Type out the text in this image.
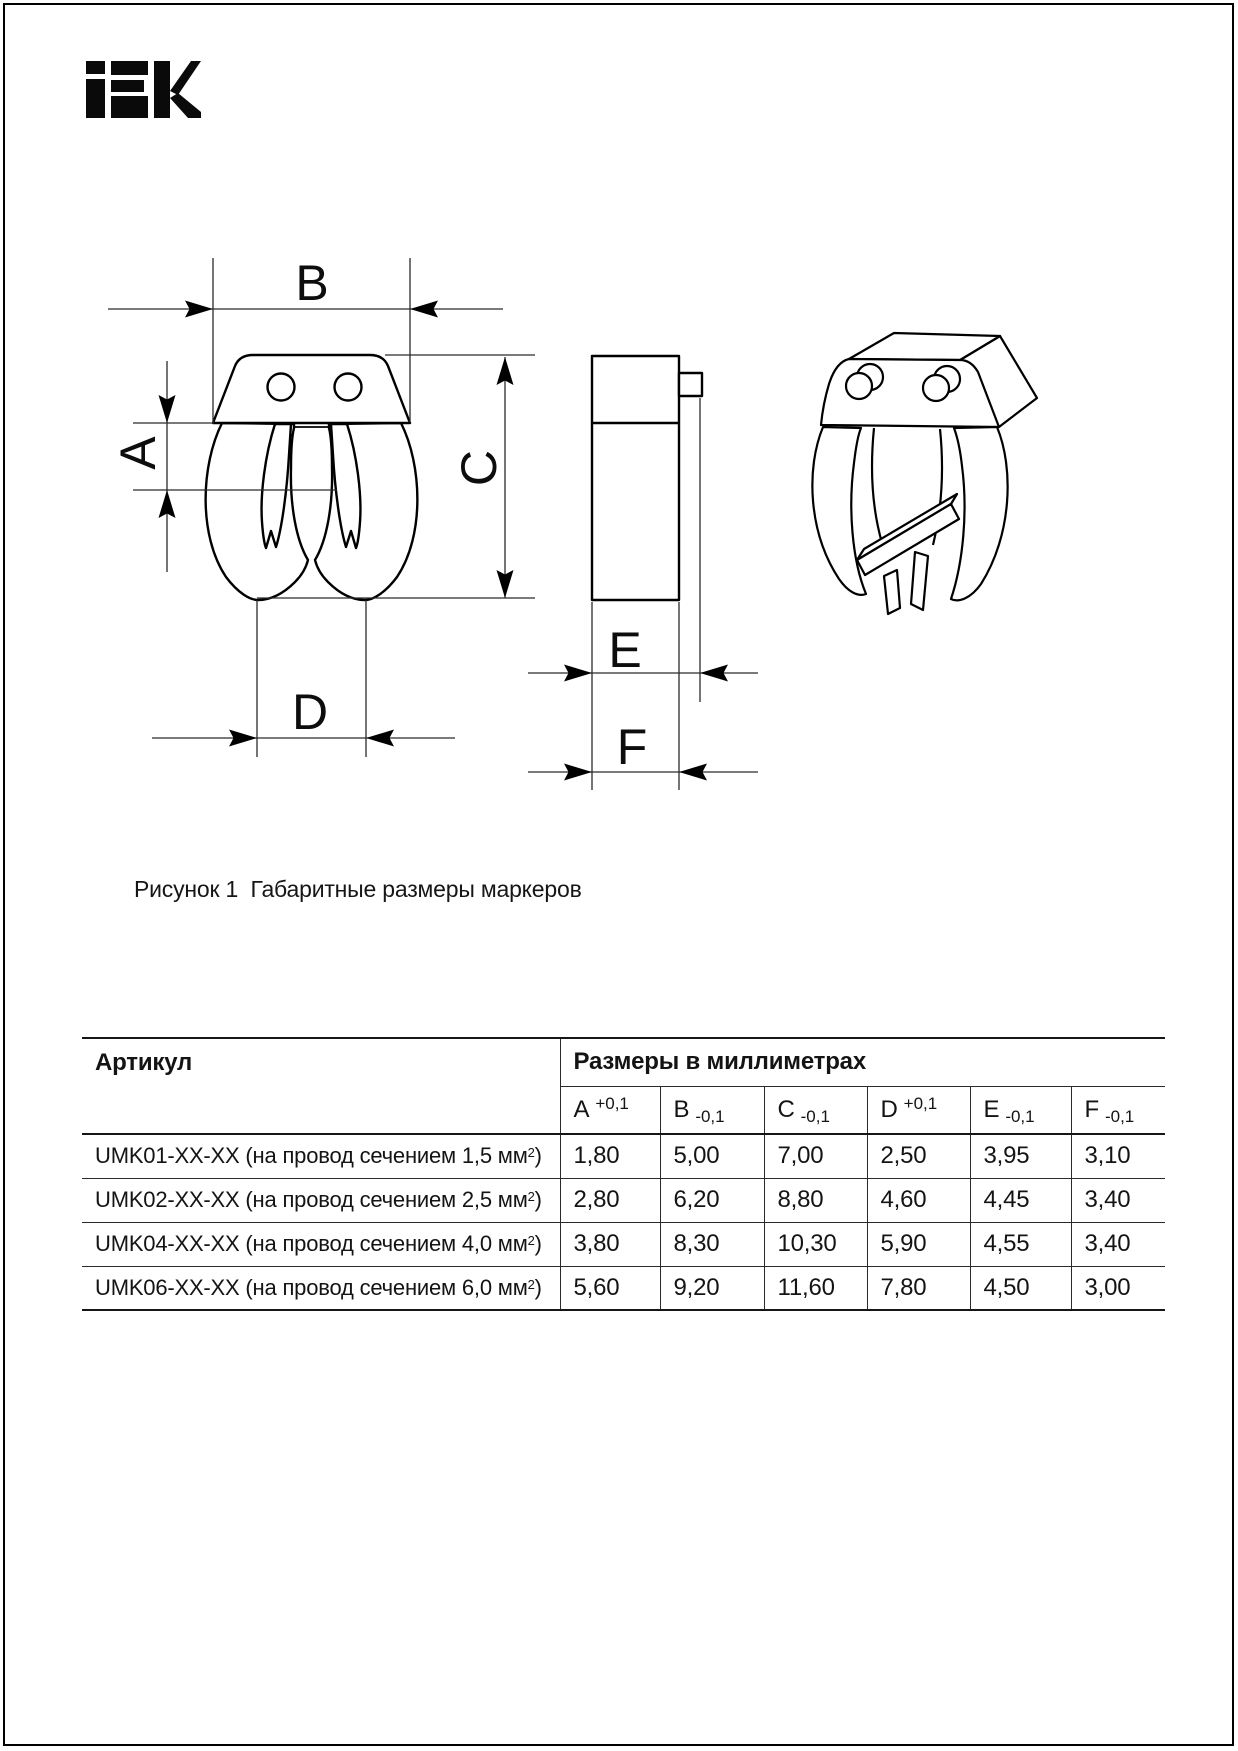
B
A	C
D
E
F
Рисунок 1  Габаритные размеры маркеров
Артикул	Размеры в миллиметрах					
	A $^{+0,1}$	B $_{-0,1}$	C $_{-0,1}$	D $^{+0,1}$	E $_{-0,1}$	F $_{-0,1}$
UMK01-XX-XX (на провод сечением 1,5 $мм^2$)	1,80	5,00	7,00	2,50	3,95	3,10
UMK02-XX-XX (на провод сечением 2,5 $мм^2$)	2,80	6,20	8,80	4,60	4,45	3,40
UMK04-XX-XX (на провод сечением 4,0 $мм^2$)	3,80	8,30	10,30	5,90	4,55	3,40
UMK06-XX-XX (на провод сечением 6,0 $мм^2$)	5,60	9,20	11,60	7,80	4,50	3,00
